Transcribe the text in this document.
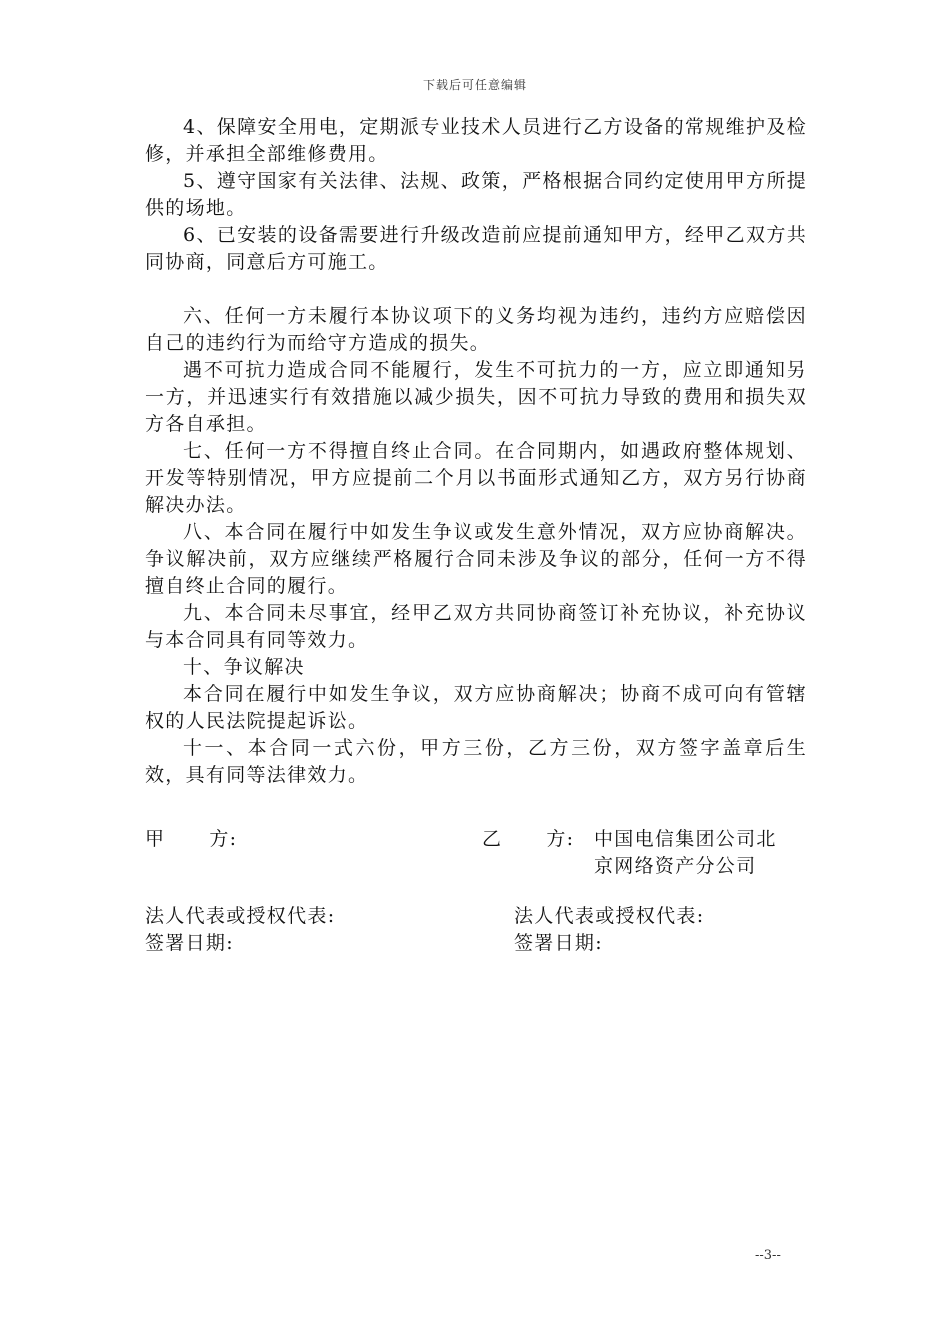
下载后可任意编辑

4、保障安全用电，定期派专业技术人员进行乙方设备的常规维护及检修，并承担全部维修费用。

5、遵守国家有关法律、法规、政策，严格根据合同约定使用甲方所提供的场地。

6、已安装的设备需要进行升级改造前应提前通知甲方，经甲乙双方共同协商，同意后方可施工。

六、任何一方未履行本协议项下的义务均视为违约，违约方应赔偿因自己的违约行为而给守方造成的损失。

遇不可抗力造成合同不能履行，发生不可抗力的一方，应立即通知另一方，并迅速实行有效措施以减少损失，因不可抗力导致的费用和损失双方各自承担。

七、任何一方不得擅自终止合同。在合同期内，如遇政府整体规划、开发等特别情况，甲方应提前二个月以书面形式通知乙方，双方另行协商解决办法。

八、本合同在履行中如发生争议或发生意外情况，双方应协商解决。争议解决前，双方应继续严格履行合同未涉及争议的部分，任何一方不得擅自终止合同的履行。

九、本合同未尽事宜，经甲乙双方共同协商签订补充协议，补充协议与本合同具有同等效力。

十、争议解决

本合同在履行中如发生争议，双方应协商解决；协商不成可向有管辖权的人民法院提起诉讼。

十一、本合同一式六份，甲方三份，乙方三份，双方签字盖章后生效，具有同等法律效力。

甲 方:	乙 方: 中国电信集团公司北京网络资产分公司
法人代表或授权代表:	法人代表或授权代表:
签署日期:	签署日期:
--3--
